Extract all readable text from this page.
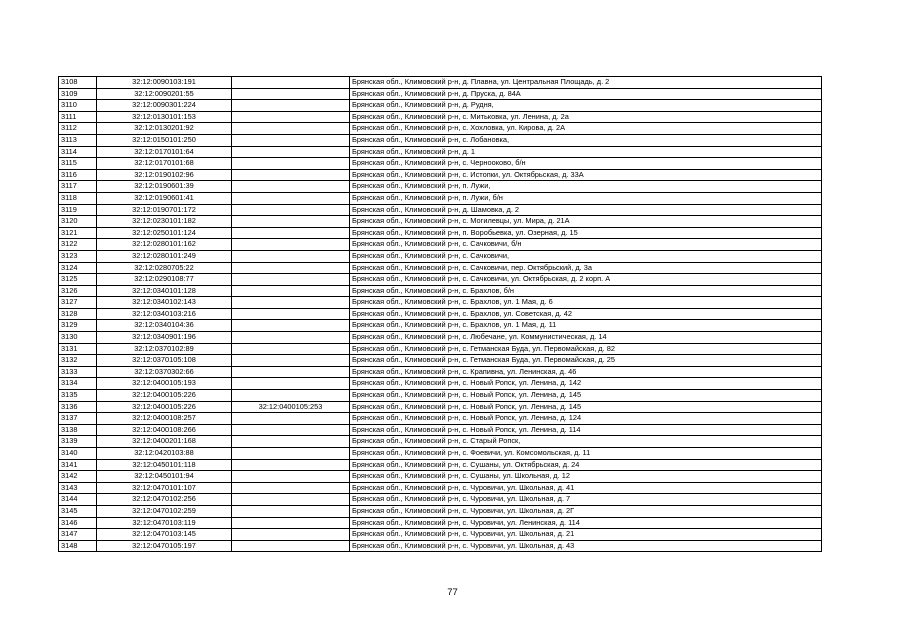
3108	32:12:0090103:191		Брянская обл., Климовский р-н, д. Плавна, ул. Центральная Площадь, д. 2
3109	32:12:0090201:55		Брянская обл., Климовский р-н, д. Пруска, д. 84А
3110	32:12:0090301:224		Брянская обл., Климовский р-н, д. Рудня,
3111	32:12:0130101:153		Брянская обл., Климовский р-н, с. Митьковка, ул. Ленина, д. 2а
3112	32:12:0130201:92		Брянская обл., Климовский р-н, с. Хохловка, ул. Кирова, д. 2А
3113	32:12:0150101:250		Брянская обл., Климовский р-н, с. Лобановка,
3114	32:12:0170101:64		Брянская обл., Климовский р-н, д. 1
3115	32:12:0170101:68		Брянская обл., Климовский р-н, с. Чернооково, б/н
3116	32:12:0190102:96		Брянская обл., Климовский р-н, с. Истопки, ул. Октябрьская, д. 33А
3117	32:12:0190601:39		Брянская обл., Климовский р-н, п. Лужи,
3118	32:12:0190601:41		Брянская обл., Климовский р-н, п. Лужи, б/н
3119	32:12:0190701:172		Брянская обл., Климовский р-н, д. Шамовка, д. 2
3120	32:12:0230101:182		Брянская обл., Климовский р-н, с. Могилевцы, ул. Мира, д. 21А
3121	32:12:0250101:124		Брянская обл., Климовский р-н, п. Воробьевка, ул. Озерная, д. 15
3122	32:12:0280101:162		Брянская обл., Климовский р-н, с. Сачковичи, б/н
3123	32:12:0280101:249		Брянская обл., Климовский р-н, с. Сачковичи,
3124	32:12:0280705:22		Брянская обл., Климовский р-н, с. Сачковичи, пер. Октябрьский, д. 3а
3125	32:12:0290108:77		Брянская обл., Климовский р-н, с. Сачковичи, ул. Октябрьская, д. 2 корп. А
3126	32:12:0340101:128		Брянская обл., Климовский р-н, с. Брахлов, б/н
3127	32:12:0340102:143		Брянская обл., Климовский р-н, с. Брахлов, ул. 1 Мая, д. 6
3128	32:12:0340103:216		Брянская обл., Климовский р-н, с. Брахлов, ул. Советская, д. 42
3129	32:12:0340104:36		Брянская обл., Климовский р-н, с. Брахлов, ул. 1 Мая, д. 11
3130	32:12:0340901:196		Брянская обл., Климовский р-н, с. Любечане, ул. Коммунистическая, д. 14
3131	32:12:0370102:89		Брянская обл., Климовский р-н, с. Гетманская Буда, ул. Первомайская, д. 82
3132	32:12:0370105:108		Брянская обл., Климовский р-н, с. Гетманская Буда, ул. Первомайская, д. 25
3133	32:12:0370302:66		Брянская обл., Климовский р-н, с. Крапивна, ул. Ленинская, д. 46
3134	32:12:0400105:193		Брянская обл., Климовский р-н, с. Новый Ропск, ул. Ленина, д. 142
3135	32:12:0400105:226		Брянская обл., Климовский р-н, с. Новый Ропск, ул. Ленина, д. 145
3136	32:12:0400105:226	32:12:0400105:253	Брянская обл., Климовский р-н, с. Новый Ропск, ул. Ленина, д. 145
3137	32:12:0400108:257		Брянская обл., Климовский р-н, с. Новый Ропск, ул. Ленина, д. 124
3138	32:12:0400108:266		Брянская обл., Климовский р-н, с. Новый Ропск, ул. Ленина, д. 114
3139	32:12:0400201:168		Брянская обл., Климовский р-н, с. Старый Ропск,
3140	32:12:0420103:88		Брянская обл., Климовский р-н, с. Фоевичи, ул. Комсомольская, д. 11
3141	32:12:0450101:118		Брянская обл., Климовский р-н, с. Сушаны, ул. Октябрьская, д. 24
3142	32:12:0450101:94		Брянская обл., Климовский р-н, с. Сушаны, ул. Школьная, д. 12
3143	32:12:0470101:107		Брянская обл., Климовский р-н, с. Чуровичи, ул. Школьная, д. 41
3144	32:12:0470102:256		Брянская обл., Климовский р-н, с. Чуровичи, ул. Школьная, д. 7
3145	32:12:0470102:259		Брянская обл., Климовский р-н, с. Чуровичи, ул. Школьная, д. 2Г
3146	32:12:0470103:119		Брянская обл., Климовский р-н, с. Чуровичи, ул. Ленинская, д. 114
3147	32:12:0470103:145		Брянская обл., Климовский р-н, с. Чуровичи, ул. Школьная, д. 21
3148	32:12:0470105:197		Брянская обл., Климовский р-н, с. Чуровичи, ул. Школьная, д. 43
77
